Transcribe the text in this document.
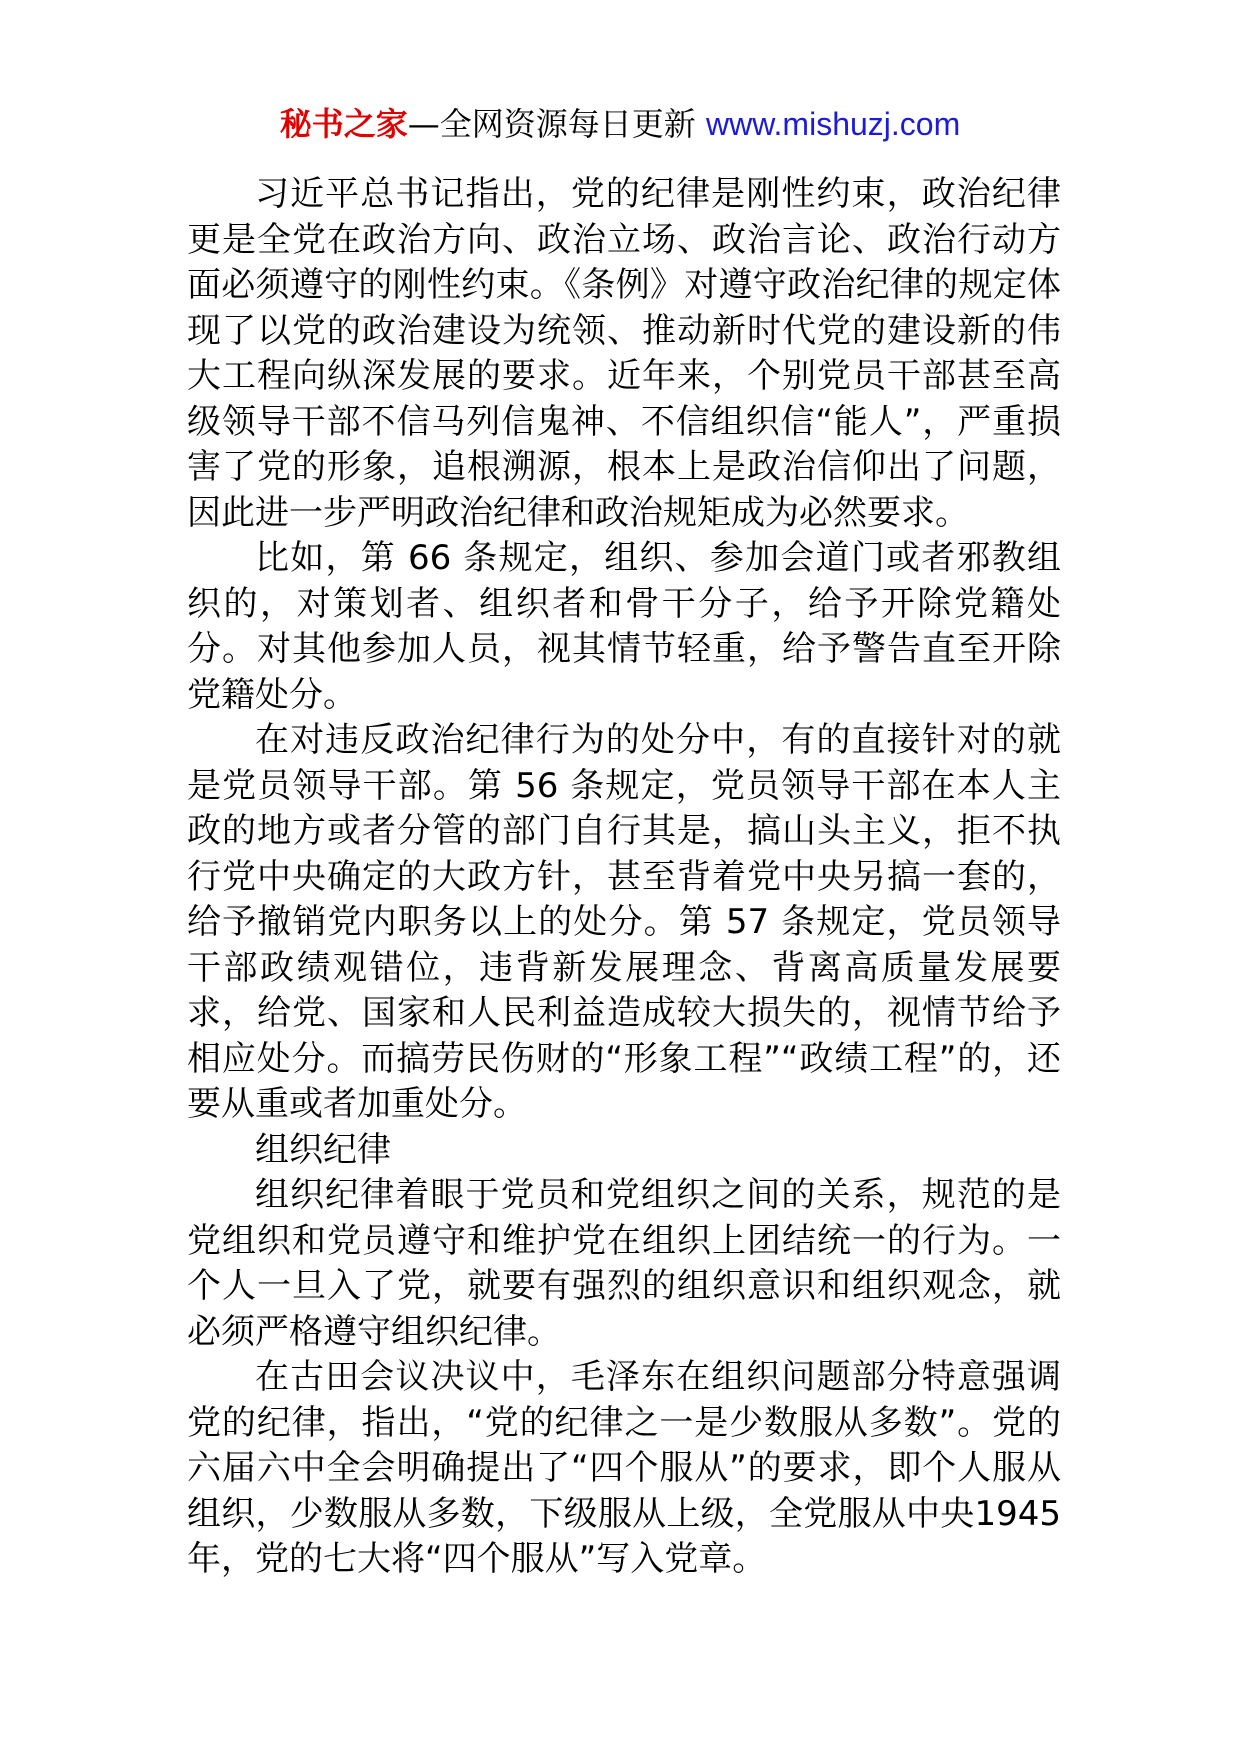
秘书之家—全网资源每日更新 www.mishuzj.com

习近平总书记指出，党的纪律是刚性约束，政治纪律更是全党在政治方向、政治立场、政治言论、政治行动方面必须遵守的刚性约束。《条例》对遵守政治纪律的规定体现了以党的政治建设为统领、推动新时代党的建设新的伟大工程向纵深发展的要求。近年来，个别党员干部甚至高级领导干部不信马列信鬼神、不信组织信“能人”，严重损害了党的形象，追根溯源，根本上是政治信仰出了问题，因此进一步严明政治纪律和政治规矩成为必然要求。

比如，第 66 条规定，组织、参加会道门或者邪教组织的，对策划者、组织者和骨干分子，给予开除党籍处分。对其他参加人员，视其情节轻重，给予警告直至开除党籍处分。

在对违反政治纪律行为的处分中，有的直接针对的就是党员领导干部。第 56 条规定，党员领导干部在本人主政的地方或者分管的部门自行其是，搞山头主义，拒不执行党中央确定的大政方针，甚至背着党中央另搞一套的，给予撤销党内职务以上的处分。第 57 条规定，党员领导干部政绩观错位，违背新发展理念、背离高质量发展要求，给党、国家和人民利益造成较大损失的，视情节给予相应处分。而搞劳民伤财的“形象工程”“政绩工程”的，还要从重或者加重处分。

组织纪律

组织纪律着眼于党员和党组织之间的关系，规范的是党组织和党员遵守和维护党在组织上团结统一的行为。一个人一旦入了党，就要有强烈的组织意识和组织观念，就必须严格遵守组织纪律。

在古田会议决议中，毛泽东在组织问题部分特意强调党的纪律，指出，“党的纪律之一是少数服从多数”。党的六届六中全会明确提出了“四个服从”的要求，即个人服从组织，少数服从多数，下级服从上级，全党服从中央1945 年，党的七大将“四个服从”写入党章。
